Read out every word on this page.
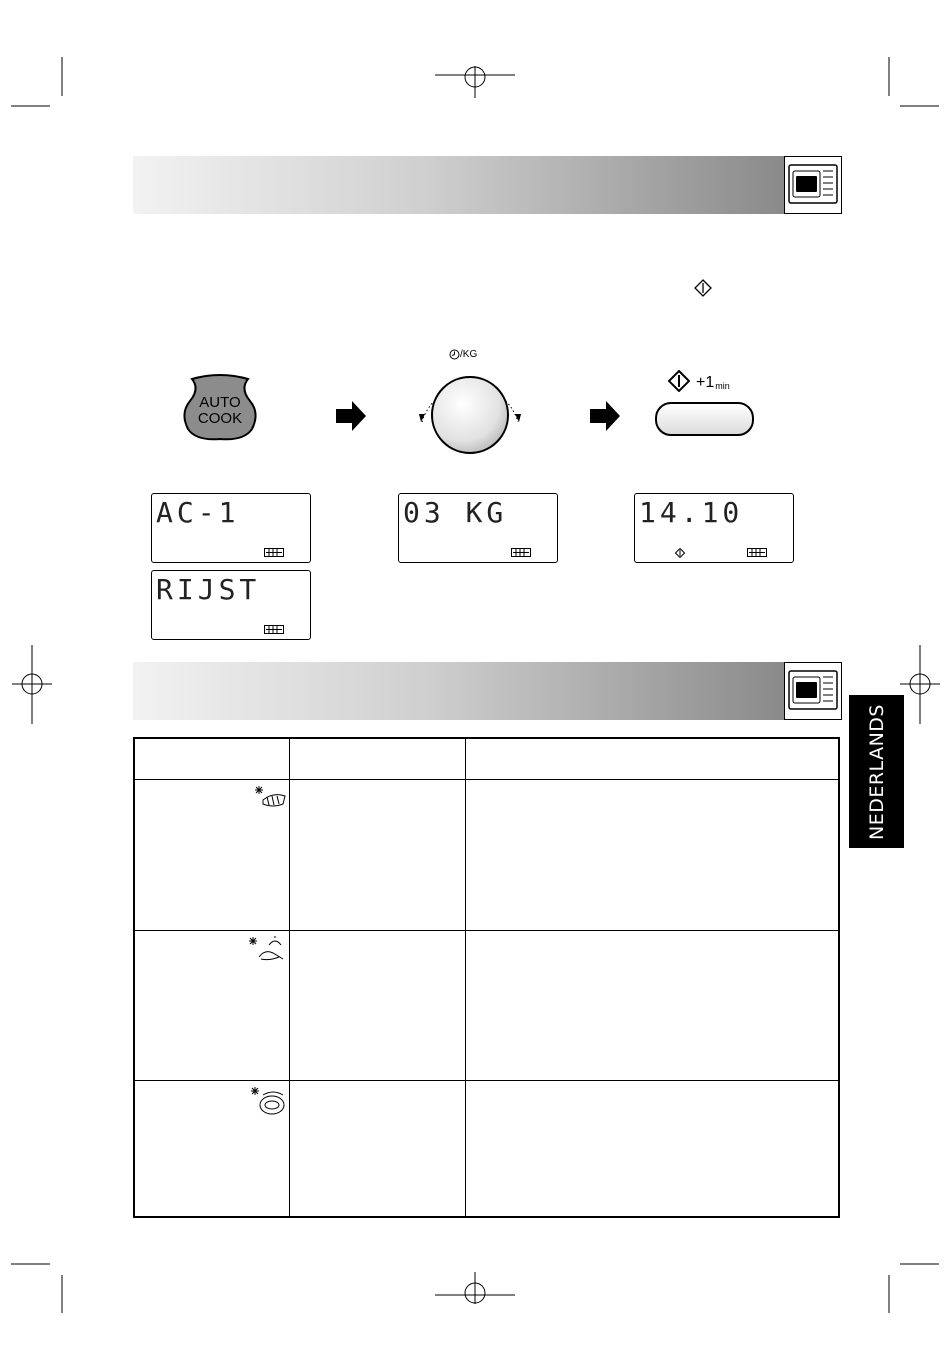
AUTO
COOK
/KG
+1 min
AC-1
RIJST
03 KG	14.10
NEDERLANDS
